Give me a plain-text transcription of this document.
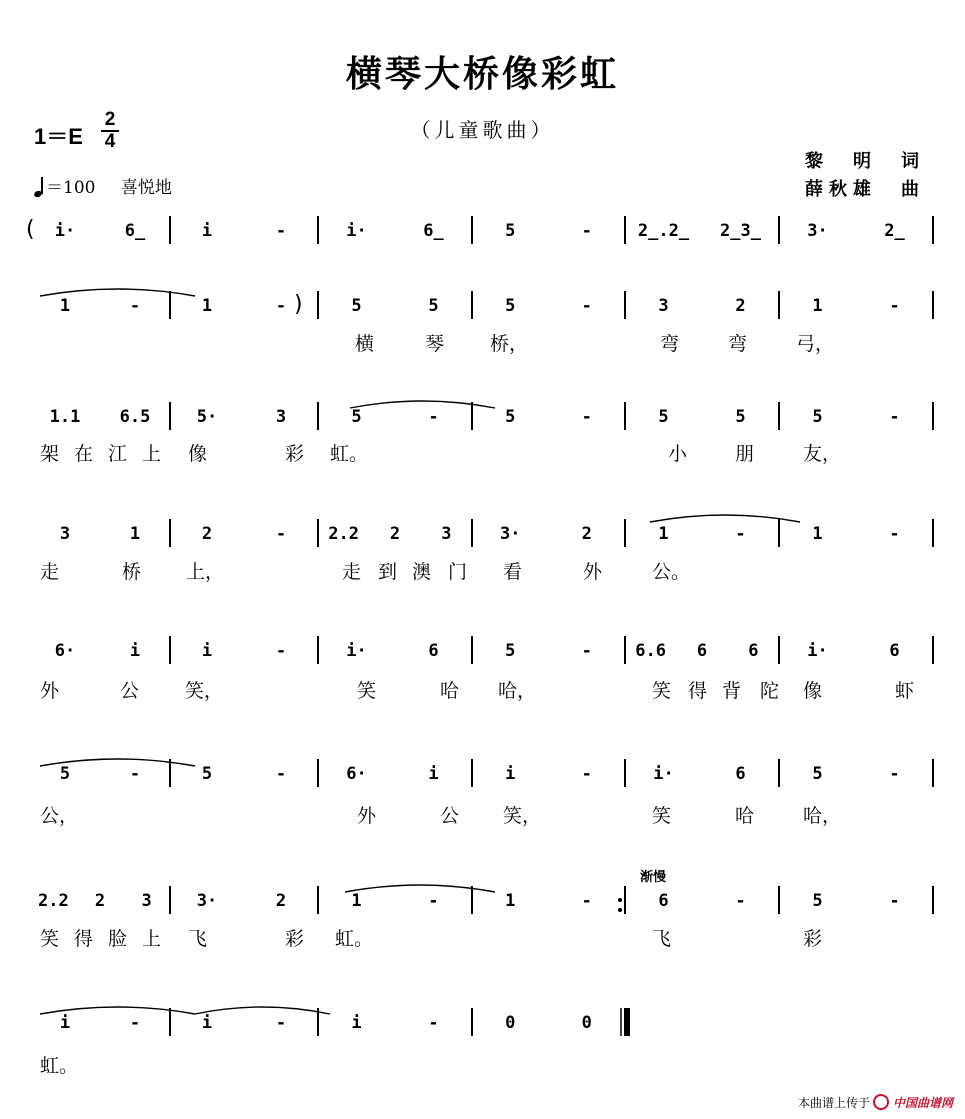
横琴大桥像彩虹
（儿童歌曲）
1＝E
2
4
＝100 喜悦地
黎　明　词
薛秋雄　曲
i·	6̲	i	-	i·	6̲	5	-	2̲.2̲ 2̲3̲	3·	2̲
1	-	1	-	5	5	5	-	3	2	1	-
横	琴 桥，	弯	弯	弓，
1.1 6.5	5·	3	5	-	5	-	5	5	5	-
架 在 江 上 像	彩 虹。	小	朋	友，
3	1	2	- 2.2 2 3	3·	2	1	-	1	-
走	桥 上，	走 到 澳 门 看	外	公。
6·	i	i	-	i·	6	5	-	6.6 6 6	i·	6
外	公 笑，	笑	哈 哈，	笑 得 背 陀 像	虾
5	-	5	-	6·	i	i	-	i·	6	5	-
公，	外	公 笑，	笑	哈	哈，
2.2 2 3	3·	2	1	-	1	-	6	-	5	-
笑 得 脸 上 飞	彩 虹。	飞	彩
渐慢
i	-	i	-	i	-	0	0
虹。
(
)
本曲谱上传于 中国曲谱网
